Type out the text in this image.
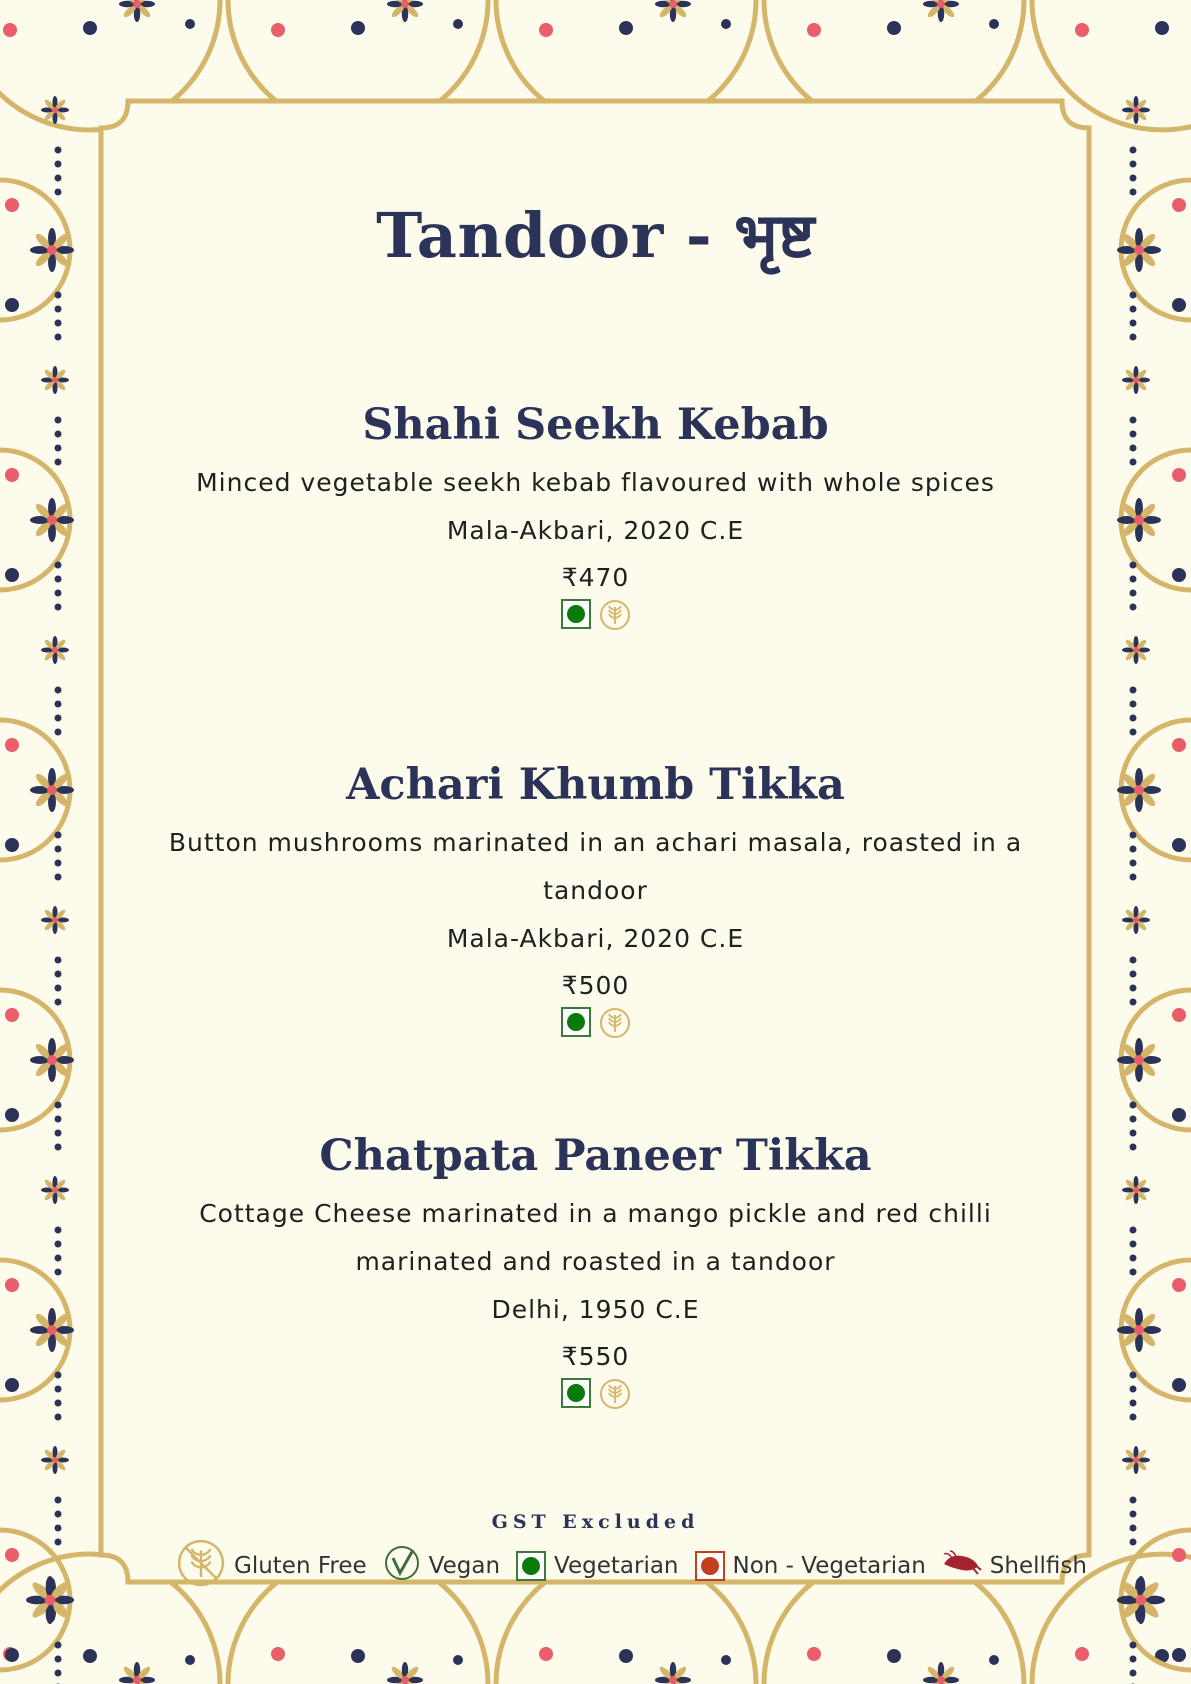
Tandoor - भृष्ट
Shahi Seekh Kebab
Minced vegetable seekh kebab flavoured with whole spices
Mala-Akbari, 2020 C.E
₹470
Achari Khumb Tikka
Button mushrooms marinated in an achari masala, roasted in a tandoor
Mala-Akbari, 2020 C.E
₹500
Chatpata Paneer Tikka
Cottage Cheese marinated in a mango pickle and red chilli marinated and roasted in a tandoor
Delhi, 1950 C.E
₹550
GST Excluded
Gluten Free	Vegan Vegetarian Non - Vegetarian	Shellfish
